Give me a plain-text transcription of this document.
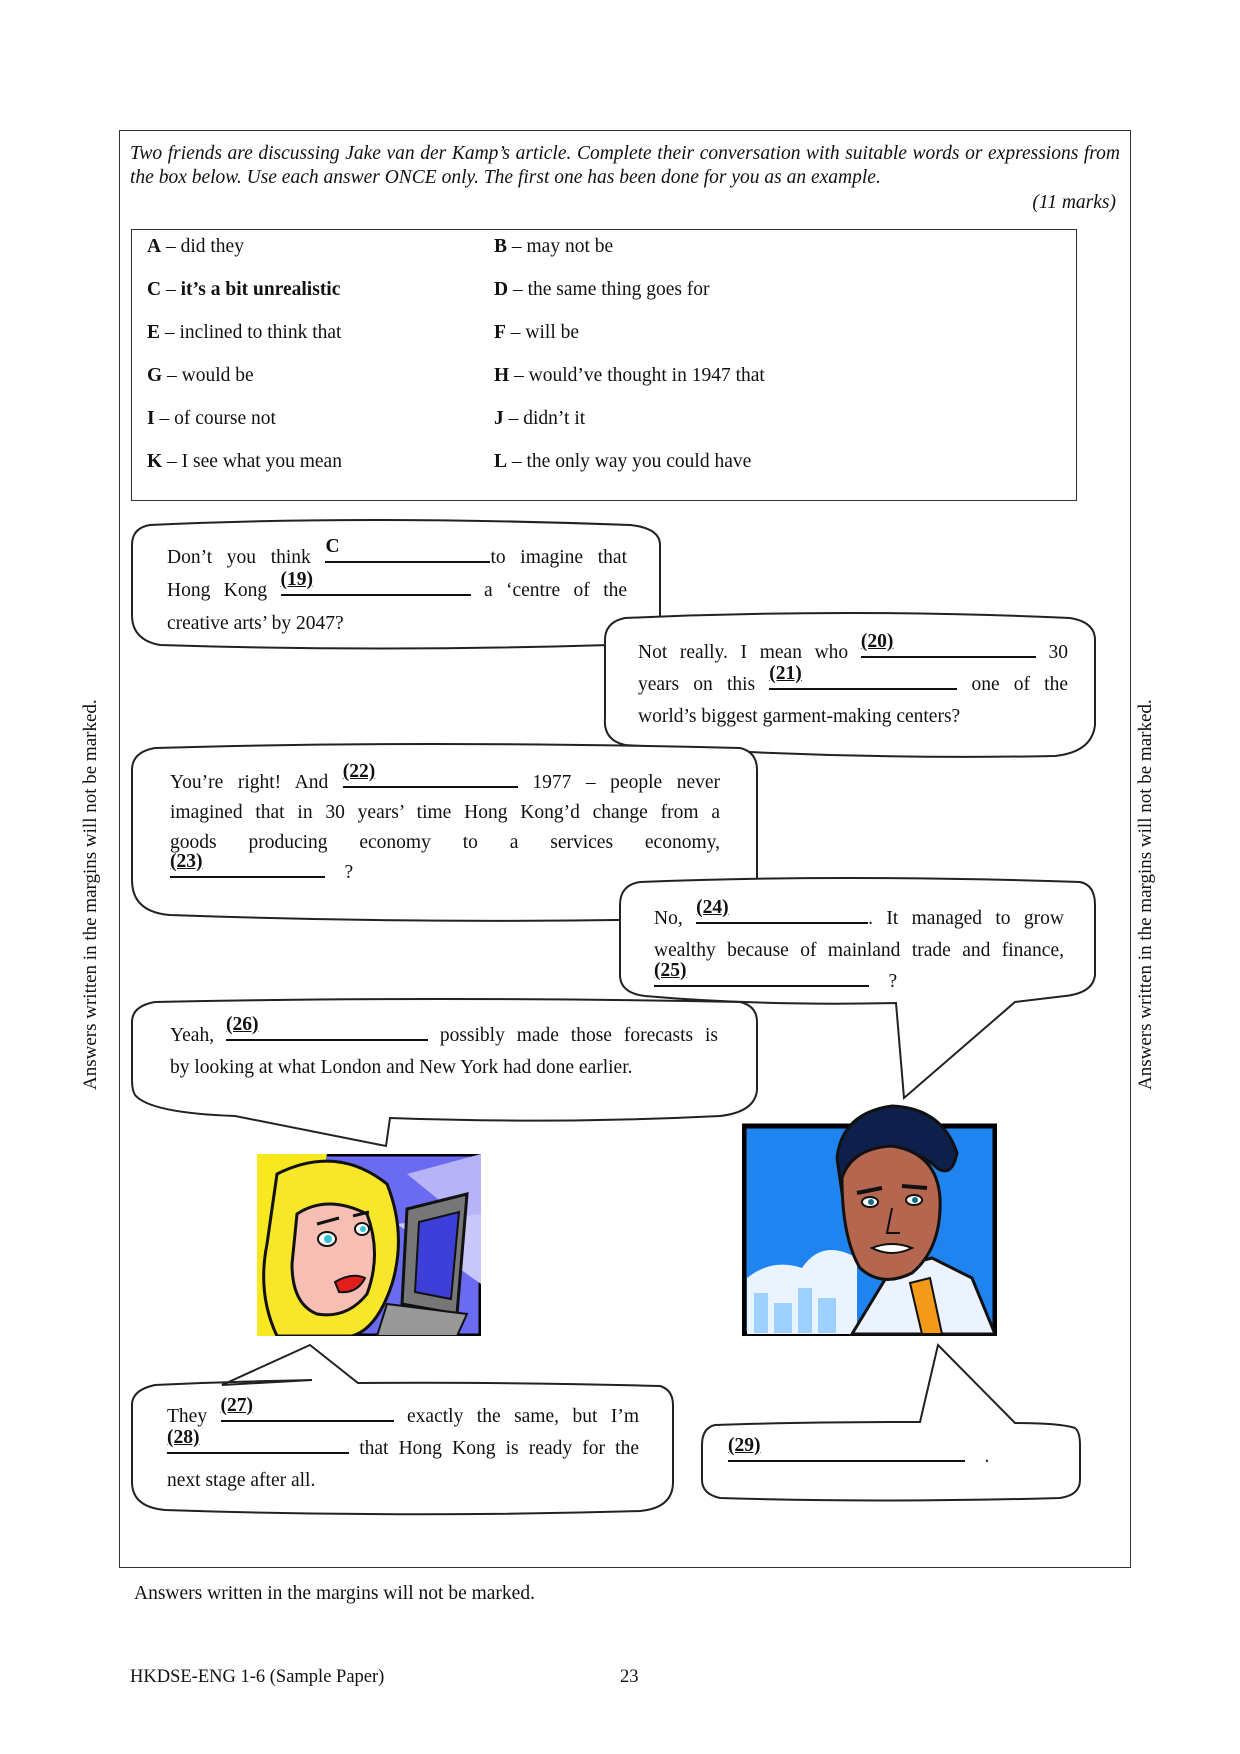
Answers written in the margins will not be marked.	Answers written in the margins will not be marked.
Two friends are discussing Jake van der Kamp’s article. Complete their conversation with suitable words or expressions from the box below. Use each answer ONCE only. The first one has been done for you as an example.
(11 marks)
A – did they	B – may not be
C – it’s a bit unrealistic	D – the same thing goes for
E – inclined to think that	F – will be
G – would be	H – would’ve thought in 1947 that
I – of course not	J – didn’t it
K – I see what you mean	L – the only way you could have
Don’t you think
C
to imagine that
Hong Kong
(19)
a ‘centre of the
creative arts’ by 2047?
Not really. I mean who
(20)
30
years on this
(21)
one of the
world’s biggest garment-making centers?
You’re right! And
(22)
1977 – people never
imagined that in 30 years’ time Hong Kong’d change from a
goods producing economy to a services economy,
(23)
?
No,
(24)
. It managed to grow
wealthy because of mainland trade and finance,
(25)
?
Yeah,
(26)
possibly made those forecasts is
by looking at what London and New York had done earlier.
They
(27)
exactly the same, but I’m
(28)
that Hong Kong is ready for the
next stage after all.
(29)
.
Answers written in the margins will not be marked.
HKDSE-ENG 1-6 (Sample Paper)	23
